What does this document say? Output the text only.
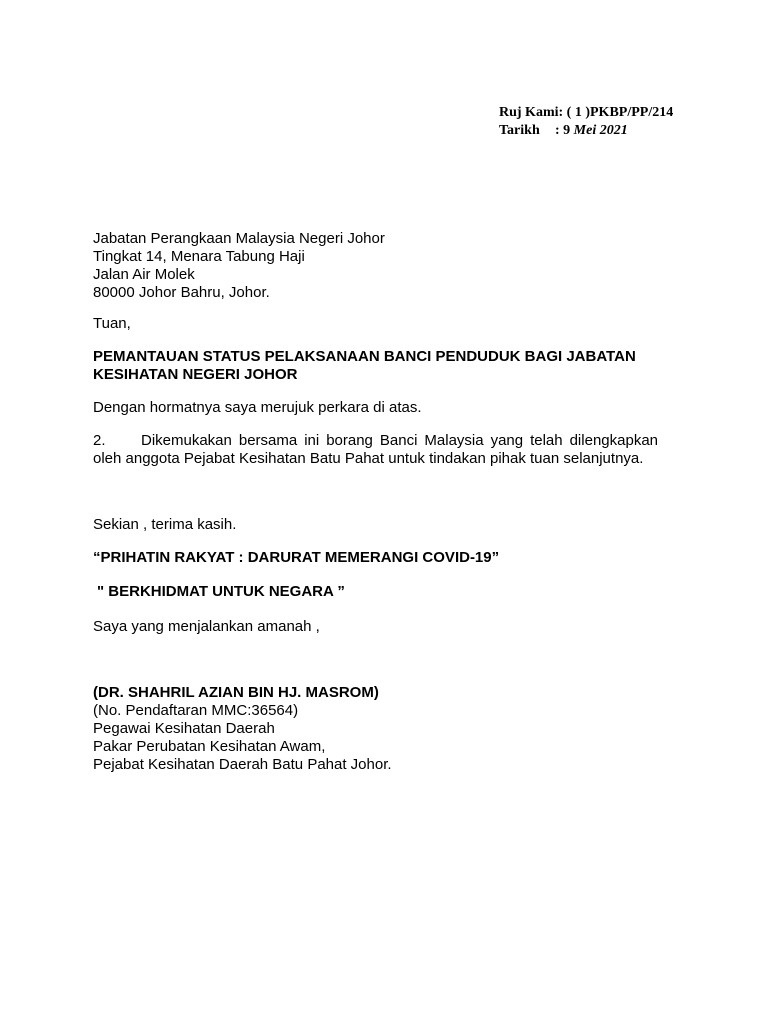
Ruj Kami: ( 1 )PKBP/PP/214
Tarikh : 9 Mei 2021
Jabatan Perangkaan Malaysia Negeri Johor
Tingkat 14, Menara Tabung Haji
Jalan Air Molek
80000 Johor Bahru, Johor.
Tuan,
PEMANTAUAN STATUS PELAKSANAAN BANCI PENDUDUK BAGI JABATAN KESIHATAN NEGERI JOHOR
Dengan hormatnya saya merujuk perkara di atas.
2. Dikemukakan bersama ini borang Banci Malaysia yang telah dilengkapkan oleh anggota Pejabat Kesihatan Batu Pahat untuk tindakan pihak tuan selanjutnya.
Sekian , terima kasih.
“PRIHATIN RAKYAT : DARURAT MEMERANGI COVID-19”
" BERKHIDMAT UNTUK NEGARA ”
Saya yang menjalankan amanah ,
(DR. SHAHRIL AZIAN BIN HJ. MASROM)
(No. Pendaftaran MMC:36564)
Pegawai Kesihatan Daerah
Pakar Perubatan Kesihatan Awam,
Pejabat Kesihatan Daerah Batu Pahat Johor.
